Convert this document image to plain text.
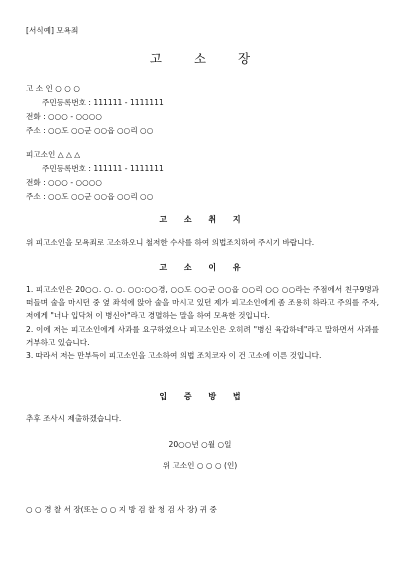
[서식예] 모욕죄
고 소 장
고 소 인 ○ ○ ○
주민등록번호 : 111111 - 1111111
전화 : ○○○ - ○○○○
주소 : ○○도 ○○군 ○○읍 ○○리 ○○
피고소인 △ △ △
주민등록번호 : 111111 - 1111111
전화 : ○○○ - ○○○○
주소 : ○○도 ○○군 ○○읍 ○○리 ○○
고 소 취 지
위 피고소인을 모욕죄로 고소하오니 철저한 수사를 하여 의법조치하여 주시기 바랍니다.
고 소 이 유

1. 피고소인은 20○○. ○. ○. ○○:○○경, ○○도 ○○군 ○○읍 ○○리 ○○ ○○라는 주점에서 친구9명과 떠들며 술을 마시던 중 옆 좌석에 앉아 술을 마시고 있던 제가 피고소인에게 좀 조용히 하라고 주의를 주자, 저에게 "너나 입닥쳐 이 병신아"라고 경멸하는 말을 하여 모욕한 것입니다.

2. 이에 저는 피고소인에게 사과를 요구하였으나 피고소인은 오히려 "병신 육갑하네"라고 말하면서 사과를 거부하고 있습니다.

3. 따라서 저는 만부득이 피고소인을 고소하여 의법 조치코자 이 건 고소에 이른 것입니다.

입 증 방 법
추후 조사시 제출하겠습니다.
20○○년 ○월 ○일
위 고소인 ○ ○ ○ (인)
○ ○ 경 찰 서 장(또는 ○ ○ 지 방 검 찰 청 검 사 장) 귀 중
